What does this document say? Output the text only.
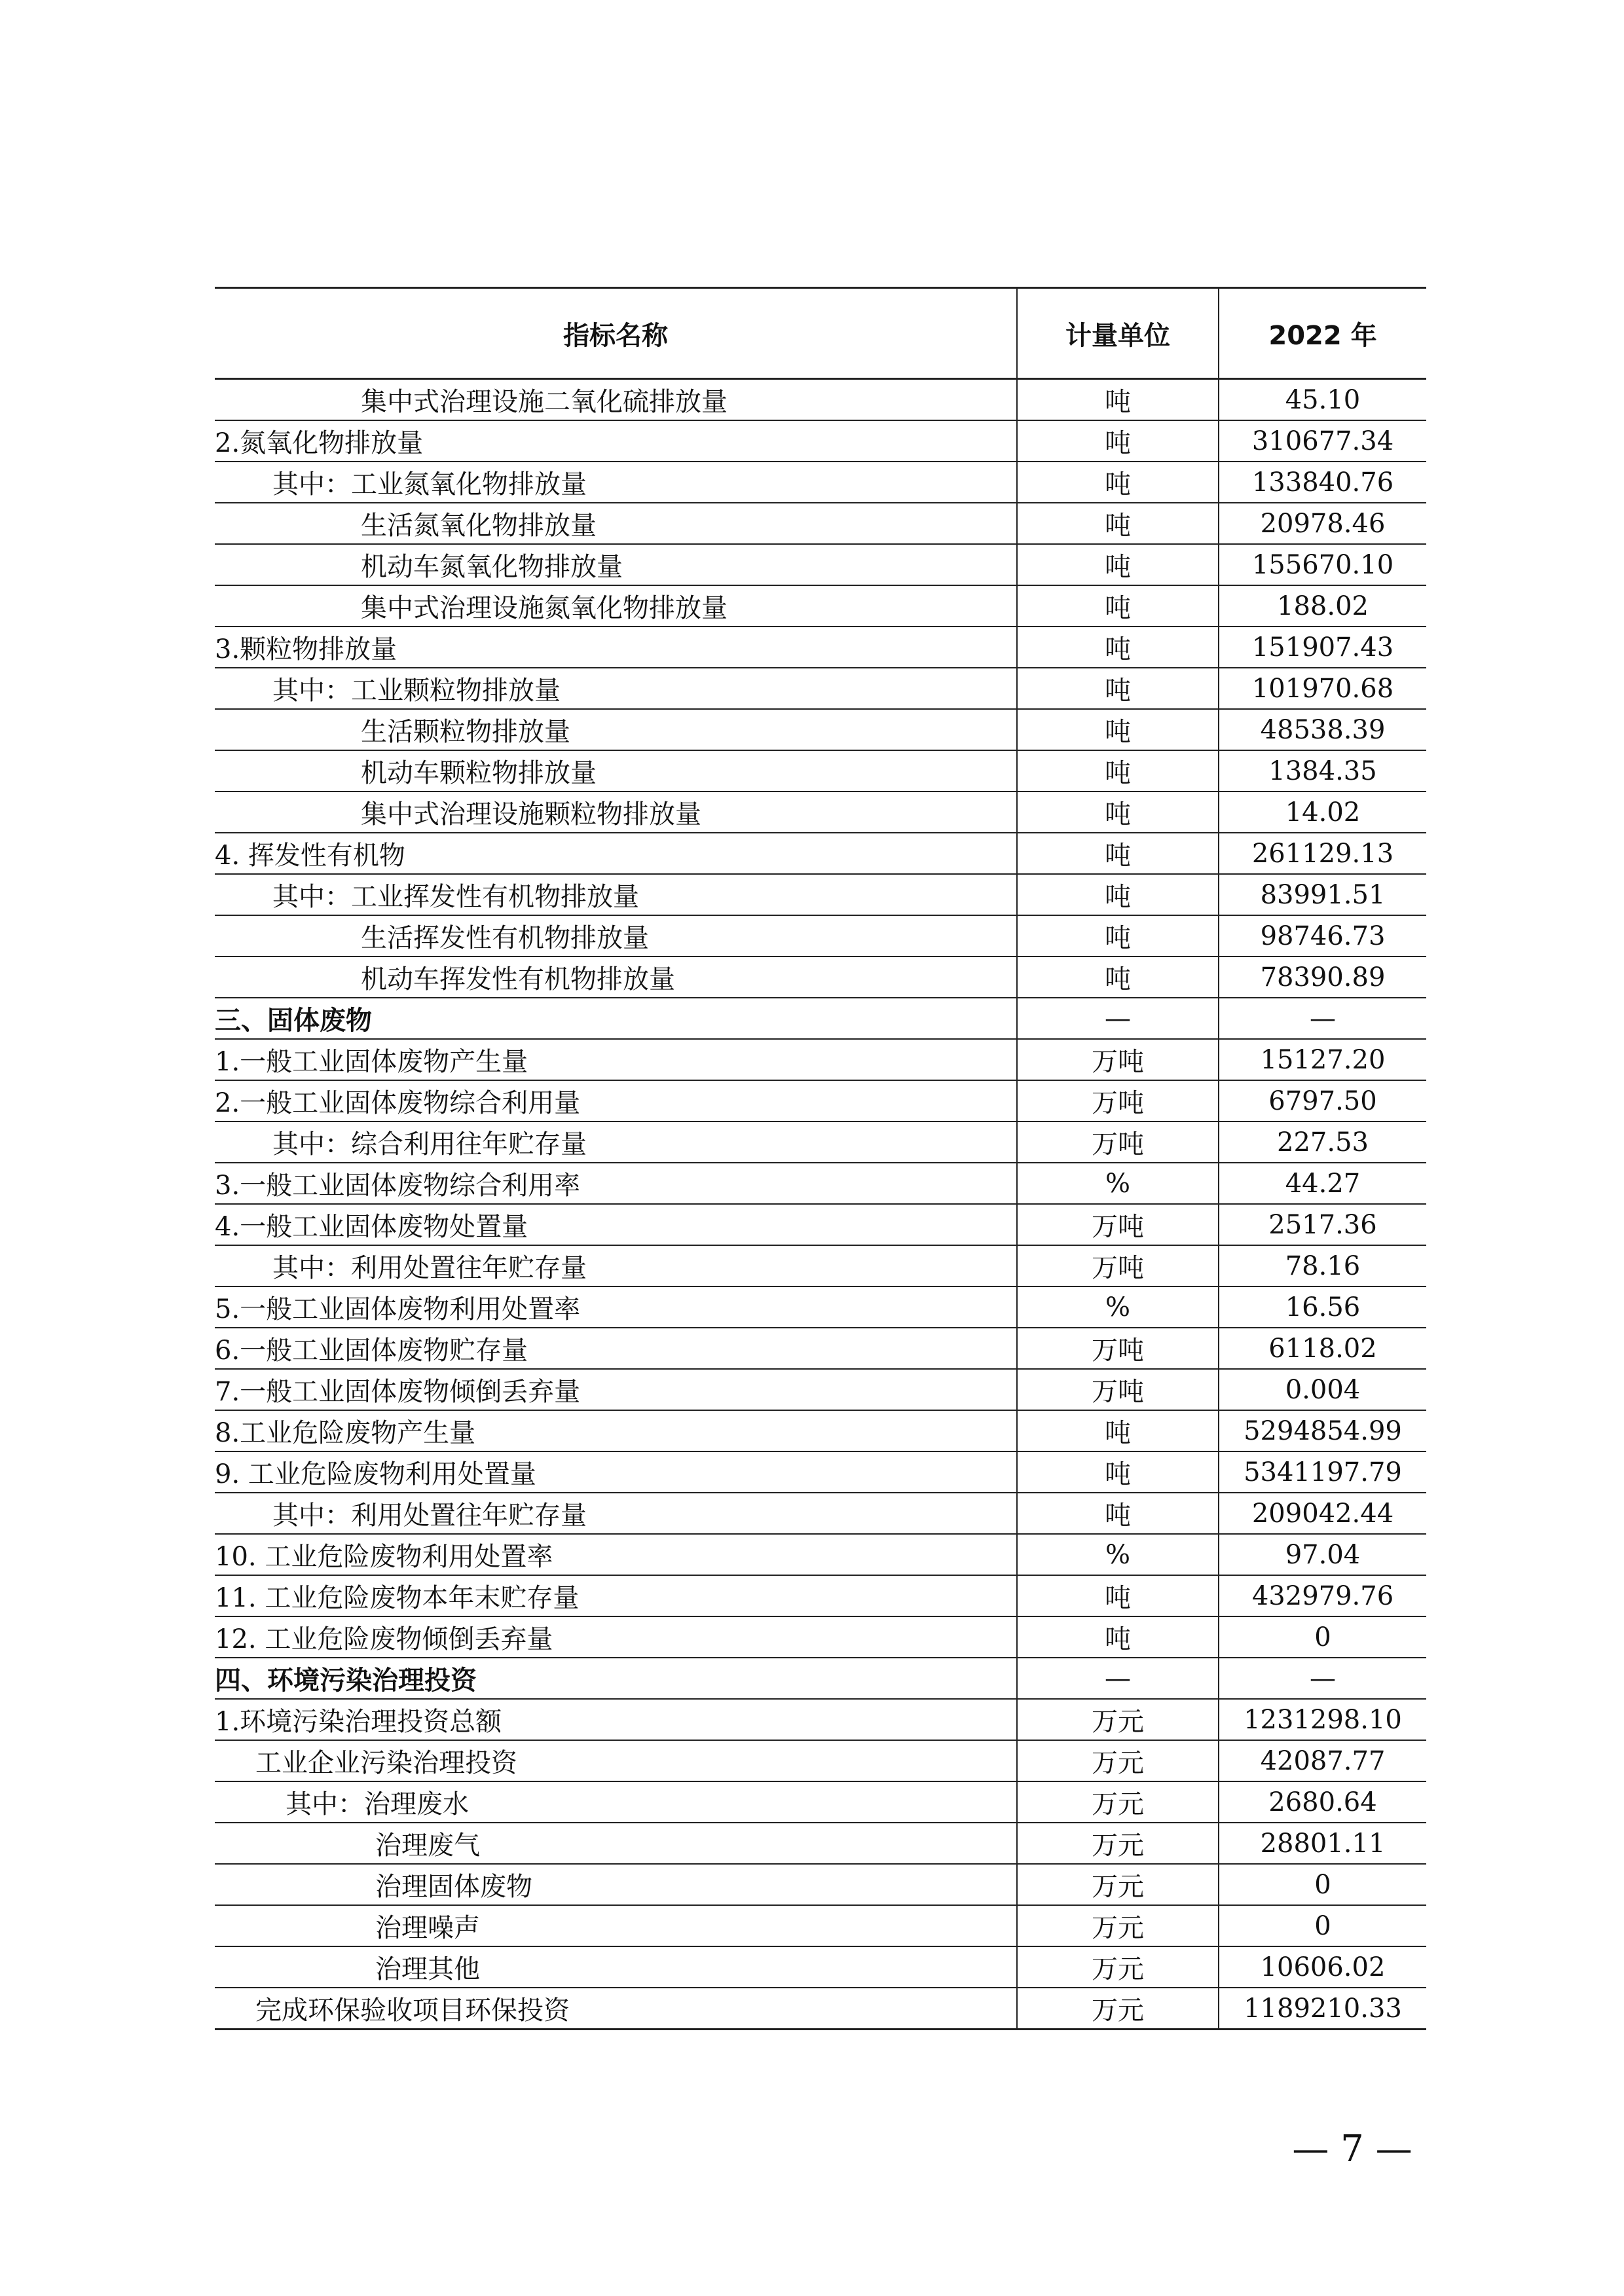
指标名称	计量单位	2022 年
集中式治理设施二氧化硫排放量	吨	45.10
2.氮氧化物排放量	吨	310677.34
其中：工业氮氧化物排放量	吨	133840.76
生活氮氧化物排放量	吨	20978.46
机动车氮氧化物排放量	吨	155670.10
集中式治理设施氮氧化物排放量	吨	188.02
3.颗粒物排放量	吨	151907.43
其中：工业颗粒物排放量	吨	101970.68
生活颗粒物排放量	吨	48538.39
机动车颗粒物排放量	吨	1384.35
集中式治理设施颗粒物排放量	吨	14.02
4. 挥发性有机物	吨	261129.13
其中：工业挥发性有机物排放量	吨	83991.51
生活挥发性有机物排放量	吨	98746.73
机动车挥发性有机物排放量	吨	78390.89
三、固体废物	—	—
1.一般工业固体废物产生量	万吨	15127.20
2.一般工业固体废物综合利用量	万吨	6797.50
其中：综合利用往年贮存量	万吨	227.53
3.一般工业固体废物综合利用率	%	44.27
4.一般工业固体废物处置量	万吨	2517.36
其中：利用处置往年贮存量	万吨	78.16
5.一般工业固体废物利用处置率	%	16.56
6.一般工业固体废物贮存量	万吨	6118.02
7.一般工业固体废物倾倒丢弃量	万吨	0.004
8.工业危险废物产生量	吨	5294854.99
9. 工业危险废物利用处置量	吨	5341197.79
其中：利用处置往年贮存量	吨	209042.44
10. 工业危险废物利用处置率	%	97.04
11. 工业危险废物本年末贮存量	吨	432979.76
12. 工业危险废物倾倒丢弃量	吨	0
四、环境污染治理投资	—	—
1.环境污染治理投资总额	万元	1231298.10
工业企业污染治理投资	万元	42087.77
其中：治理废水	万元	2680.64
治理废气	万元	28801.11
治理固体废物	万元	0
治理噪声	万元	0
治理其他	万元	10606.02
完成环保验收项目环保投资	万元	1189210.33
— 7 —
